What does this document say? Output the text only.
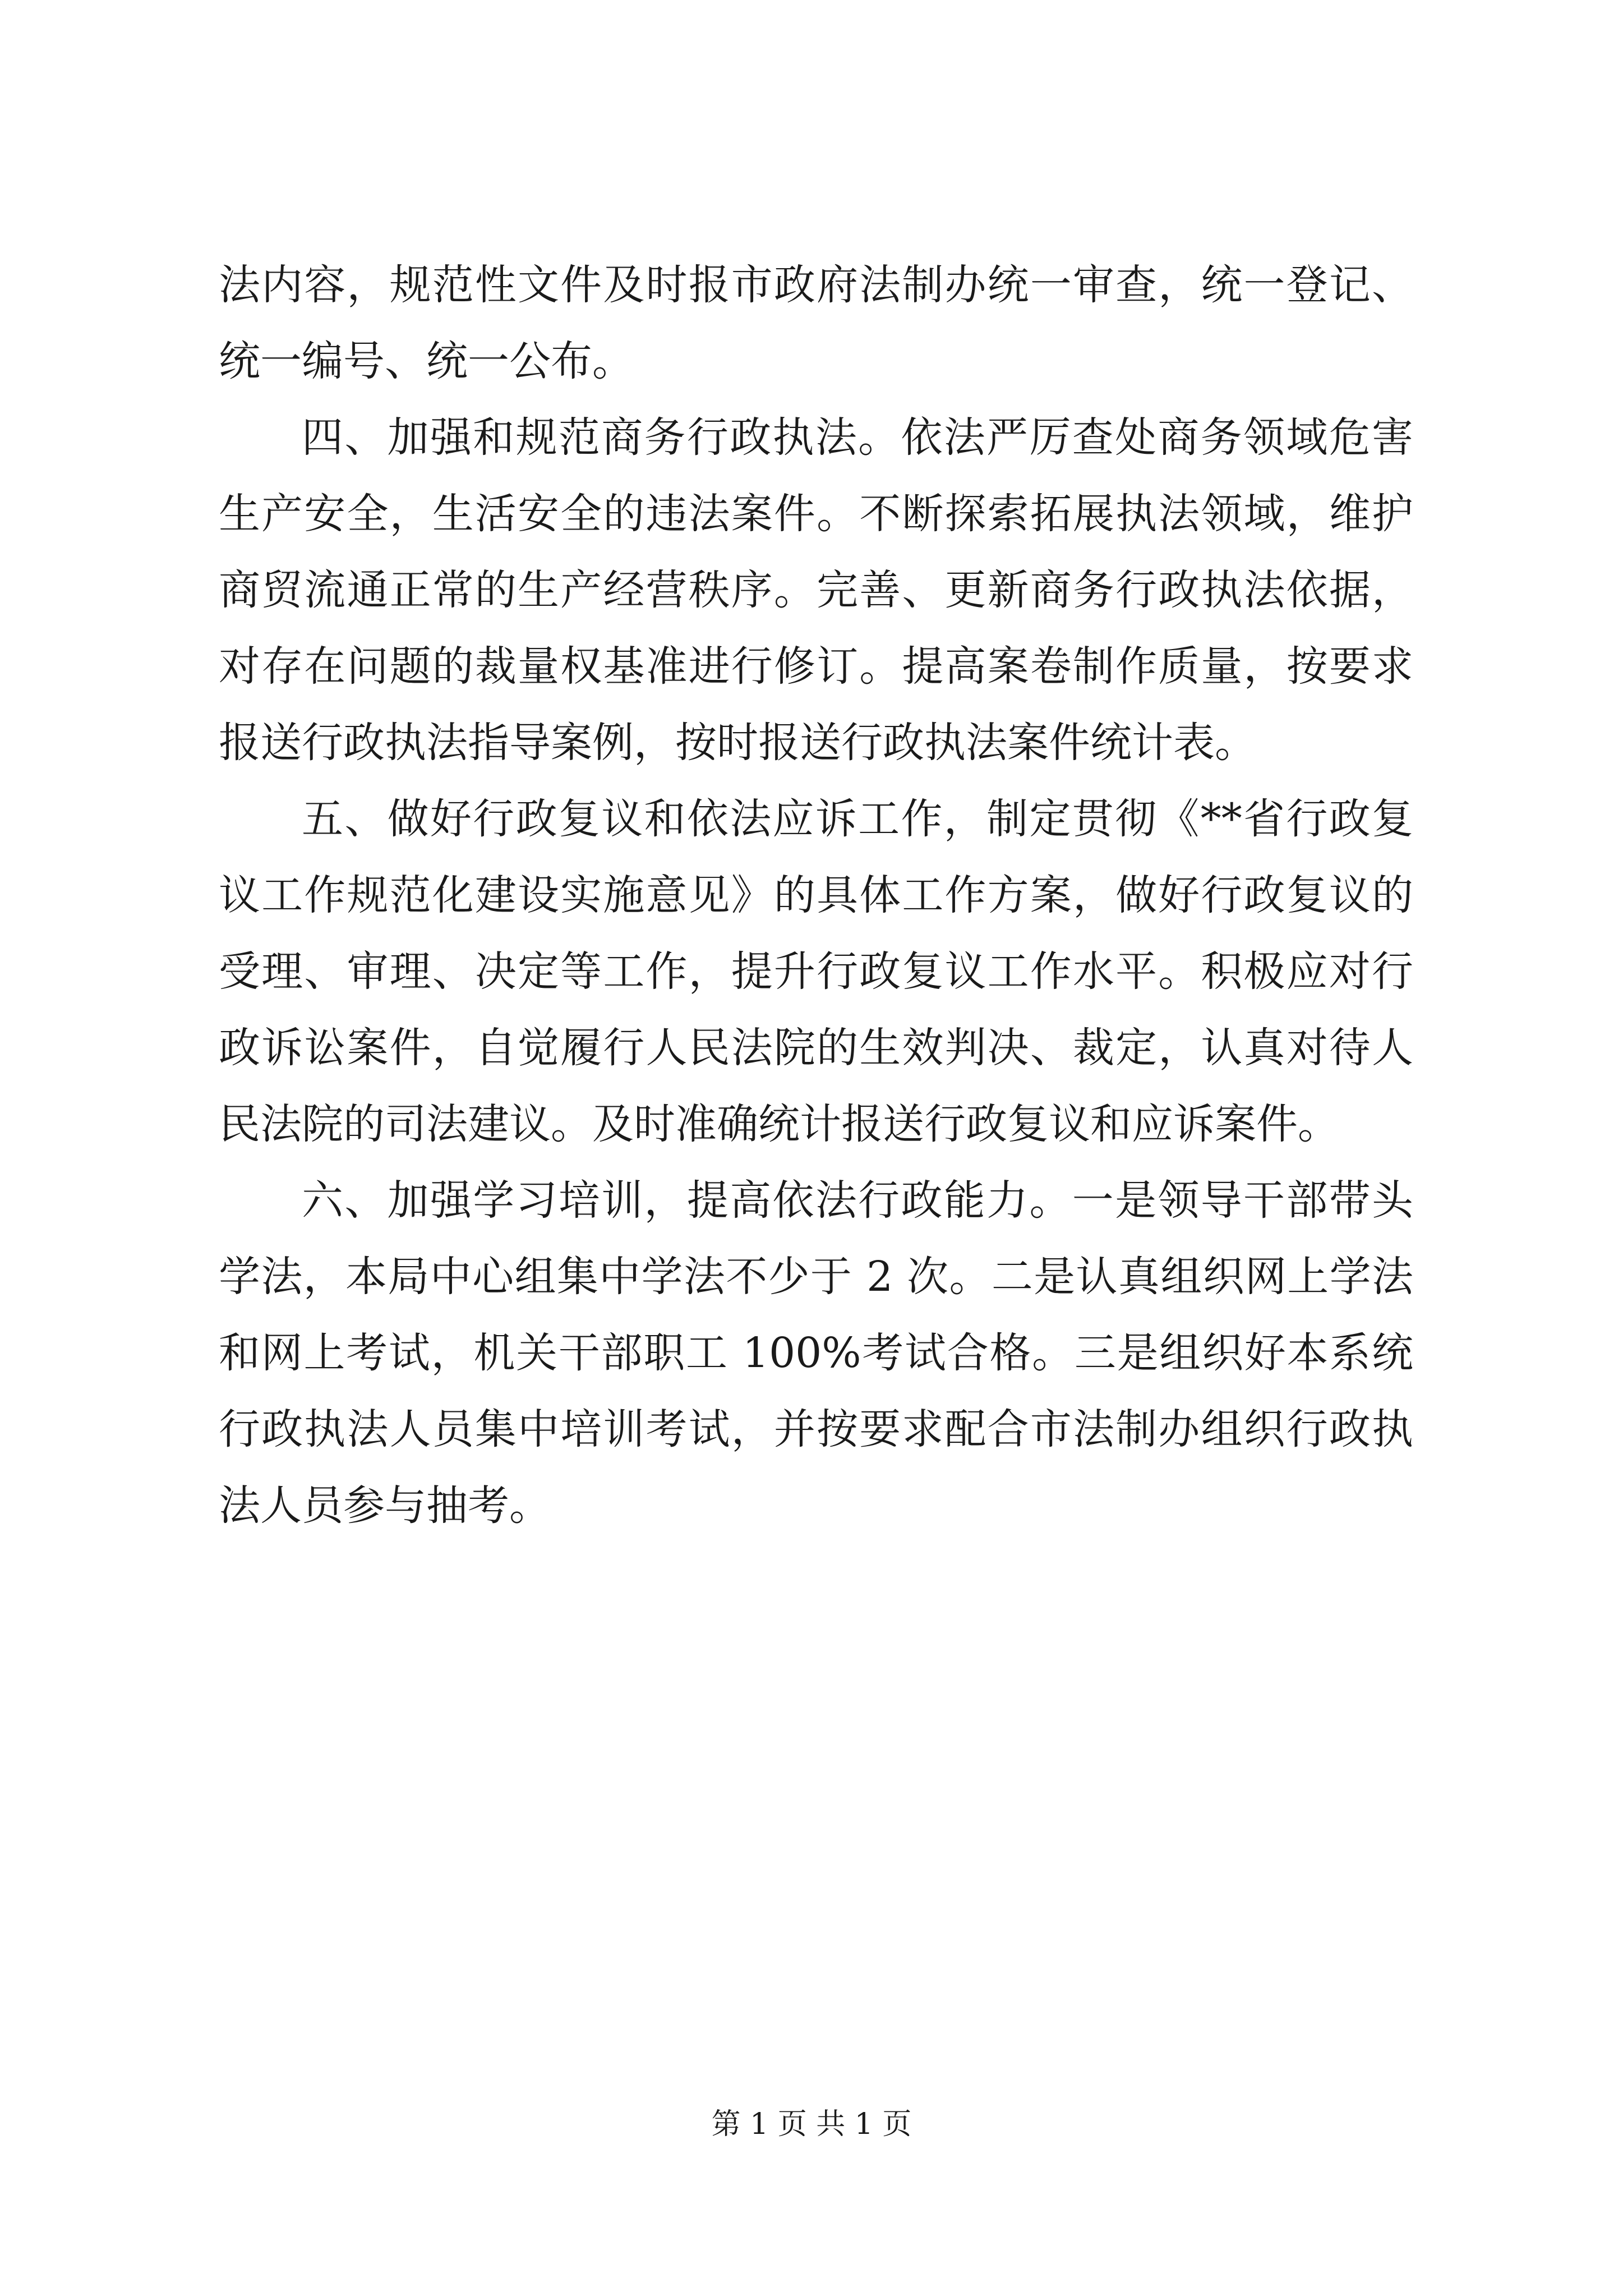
法内容，规范性文件及时报市政府法制办统一审查，统一登记、
统一编号、统一公布。
四、加强和规范商务行政执法。依法严厉查处商务领域危害
生产安全，生活安全的违法案件。不断探索拓展执法领域，维护
商贸流通正常的生产经营秩序。完善、更新商务行政执法依据，
对存在问题的裁量权基准进行修订。提高案卷制作质量，按要求
报送行政执法指导案例，按时报送行政执法案件统计表。
五、做好行政复议和依法应诉工作，制定贯彻《**省行政复
议工作规范化建设实施意见》的具体工作方案，做好行政复议的
受理、审理、决定等工作，提升行政复议工作水平。积极应对行
政诉讼案件，自觉履行人民法院的生效判决、裁定，认真对待人
民法院的司法建议。及时准确统计报送行政复议和应诉案件。
六、加强学习培训，提高依法行政能力。一是领导干部带头
学法，本局中心组集中学法不少于 2 次。二是认真组织网上学法
和网上考试，机关干部职工 100%考试合格。三是组织好本系统
行政执法人员集中培训考试，并按要求配合市法制办组织行政执
法人员参与抽考。
第 1 页 共 1 页
